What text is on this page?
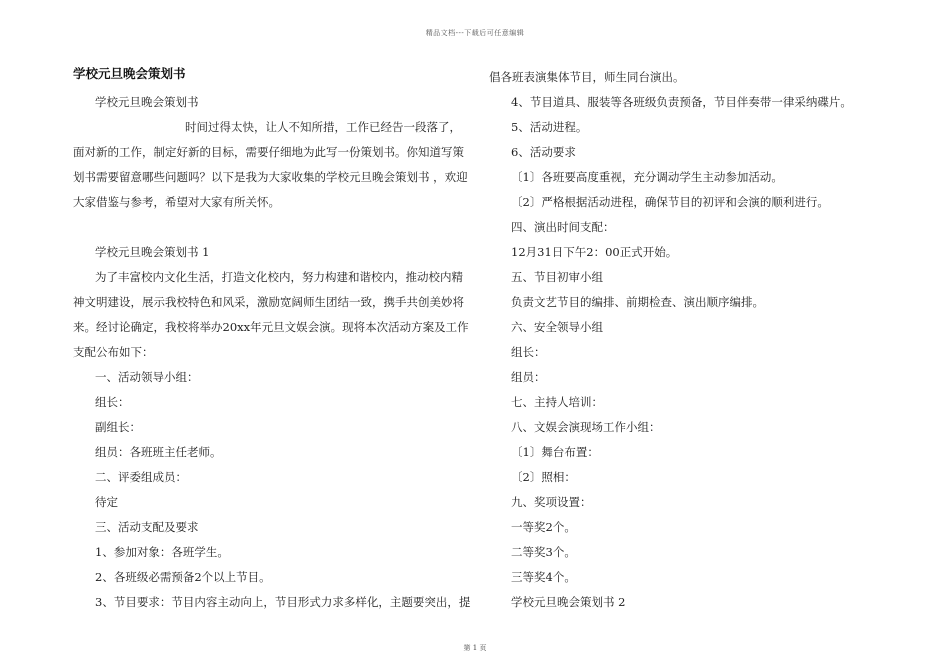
精品文档---下载后可任意编辑
学校元旦晚会策划书
学校元旦晚会策划书
时间过得太快，让人不知所措，工作已经告一段落了，
面对新的工作，制定好新的目标，需要仔细地为此写一份策划书。你知道写策
划书需要留意哪些问题吗？以下是我为大家收集的学校元旦晚会策划书 ，欢迎
大家借鉴与参考，希望对大家有所关怀。
学校元旦晚会策划书 1
为了丰富校内文化生活，打造文化校内，努力构建和谐校内，推动校内精
神文明建设，展示我校特色和风采，激励宽阔师生团结一致，携手共创美妙将
来。经讨论确定，我校将举办20xx年元旦文娱会演。现将本次活动方案及工作
支配公布如下：
一、活动领导小组：
组长：
副组长：
组员：各班班主任老师。
二、评委组成员：
待定
三、活动支配及要求
1、参加对象：各班学生。
2、各班级必需预备2个以上节目。
3、节目要求：节目内容主动向上，节目形式力求多样化，主题要突出，提
倡各班表演集体节目，师生同台演出。
4、节目道具、服装等各班级负责预备，节目伴奏带一律采纳碟片。
5、活动进程。
6、活动要求
〔1〕各班要高度重视，充分调动学生主动参加活动。
〔2〕严格根据活动进程，确保节目的初评和会演的顺利进行。
四、演出时间支配：
12月31日下午2：00正式开始。
五、节目初审小组
负责文艺节目的编排、前期检查、演出顺序编排。
六、安全领导小组
组长：
组员：
七、主持人培训：
八、文娱会演现场工作小组：
〔1〕舞台布置：
〔2〕照相：
九、奖项设置：
一等奖2个。
二等奖3个。
三等奖4个。
学校元旦晚会策划书 2
第 1 页
